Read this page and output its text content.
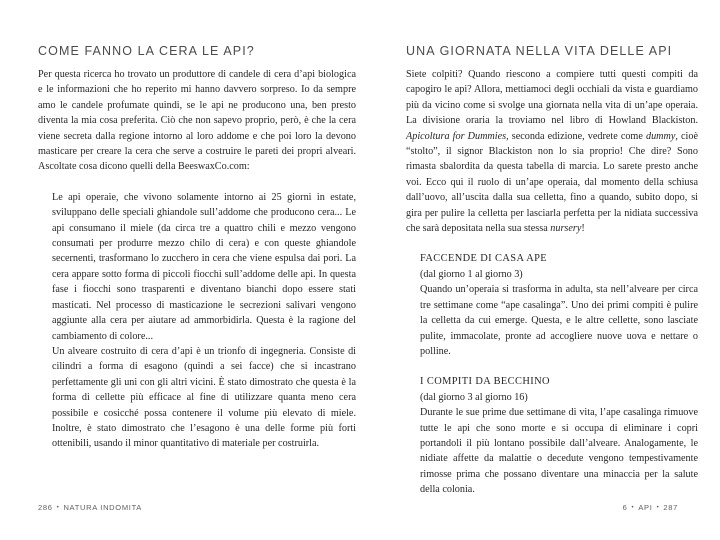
COME FANNO LA CERA LE API?

Per questa ricerca ho trovato un produttore di candele di cera d’api biologica e le informazioni che ho reperito mi hanno davvero sorpreso. Io da sempre amo le candele profumate quindi, se le api ne producono una, ben presto diventa la mia cosa preferita. Ciò che non sapevo proprio, però, è che la cera viene secreta dalla regione intorno al loro addome e che poi loro la devono masticare per creare la cera che serve a costruire le pareti dei propri alveari. Ascoltate cosa dicono quelli della BeeswaxCo.com:

Le api operaie, che vivono solamente intorno ai 25 giorni in estate, sviluppano delle speciali ghiandole sull’addome che producono cera... Le api consumano il miele (da circa tre a quattro chili e mezzo vengono consumati per produrre mezzo chilo di cera) e con queste ghiandole secernenti, trasformano lo zucchero in cera che viene espulsa dai pori. La cera appare sotto forma di piccoli fiocchi sull’addome delle api. In questa fase i fiocchi sono trasparenti e diventano bianchi dopo essere stati masticati. Nel processo di masticazione le secrezioni salivari vengono aggiunte alla cera per aiutare ad ammorbidirla. Questa è la ragione del cambiamento di colore...

Un alveare costruito di cera d’api è un trionfo di ingegneria. Consiste di cilindri a forma di esagono (quindi a sei facce) che si incastrano perfettamente gli uni con gli altri vicini. È stato dimostrato che questa è la forma di cellette più efficace al fine di utilizzare quanta meno cera possibile e cosicché possa contenere il volume più elevato di miele. Inoltre, è stato dimostrato che l’esagono è una delle forme più forti ottenibili, usando il minor quantitativo di materiale per costruirla.

UNA GIORNATA NELLA VITA DELLE API

Siete colpiti? Quando riescono a compiere tutti questi compiti da capogiro le api? Allora, mettiamoci degli occhiali da vista e guardiamo più da vicino come si svolge una giornata nella vita di un’ape operaia. La divisione oraria la troviamo nel libro di Howland Blackiston. Apicoltura for Dummies, seconda edizione, vedrete come dummy, cioè “stolto”, il signor Blackiston non lo sia proprio! Che dire? Sono rimasta sbalordita da questa tabella di marcia. Lo sarete presto anche voi. Ecco qui il ruolo di un’ape operaia, dal momento della schiusa dall’uovo, all’uscita dalla sua celletta, fino a quando, subito dopo, si gira per pulire la celletta per lasciarla perfetta per la nidiata successiva che sarà depositata nella sua stessa nursery!

FACCENDE DI CASA APE
(dal giorno 1 al giorno 3)

Quando un’operaia si trasforma in adulta, sta nell’alveare per circa tre settimane come “ape casalinga”. Uno dei primi compiti è pulire la celletta da cui emerge. Questa, e le altre cellette, sono lasciate pulite, immacolate, pronte ad accogliere nuove uova e nettare o polline.

I COMPITI DA BECCHINO
(dal giorno 3 al giorno 16)

Durante le sue prime due settimane di vita, l’ape casalinga rimuove tutte le api che sono morte e si occupa di eliminare i copri portandoli il più lontano possibile dall’alveare. Analogamente, le nidiate affette da malattie o decedute vengono tempestivamente rimosse prima che possano diventare una minaccia per la salute della colonia.

286 • NATURA INDOMITA	6 • API • 287
